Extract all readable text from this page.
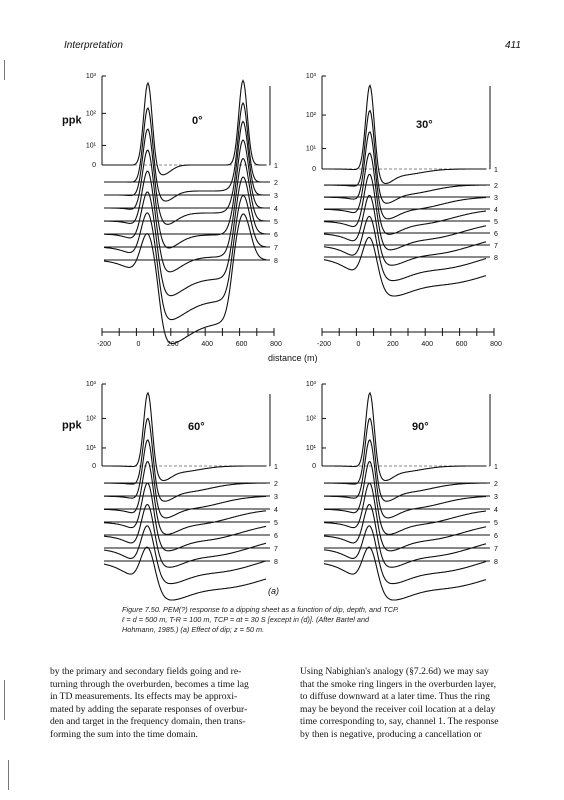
Interpretation	411
10³
10²
10¹
0
ppk	0°
1
2
3
4
5
6
7
8
-200	0	200	400	600	800
10³
10²
10¹
0
30°
1
2
3
4
5
6
7
8
-200	0	200	400	600	800
10³
10²
10¹
0
ppk	60°
1
2
3
4
5
6
7
8
10³
10²
10¹
0
90°
1
2
3
4
5
6
7
8
distance (m)
(a)
Figure 7.50. PEM(?) response to a dipping sheet as a function of dip, depth, and TCP.
ℓ = d = 500 m, T-R = 100 m, TCP = αt = 30 S [except in (d)]. (After Bartel and
Hohmann, 1985.) (a) Effect of dip; z = 50 m.
by the primary and secondary fields going and re-
turning through the overburden, becomes a time lag
in TD measurements. Its effects may be approxi-
mated by adding the separate responses of overbur-
den and target in the frequency domain, then trans-
forming the sum into the time domain.
Using Nabighian's analogy (§7.2.6d) we may say
that the smoke ring lingers in the overburden layer,
to diffuse downward at a later time. Thus the ring
may be beyond the receiver coil location at a delay
time corresponding to, say, channel 1. The response
by then is negative, producing a cancellation or
